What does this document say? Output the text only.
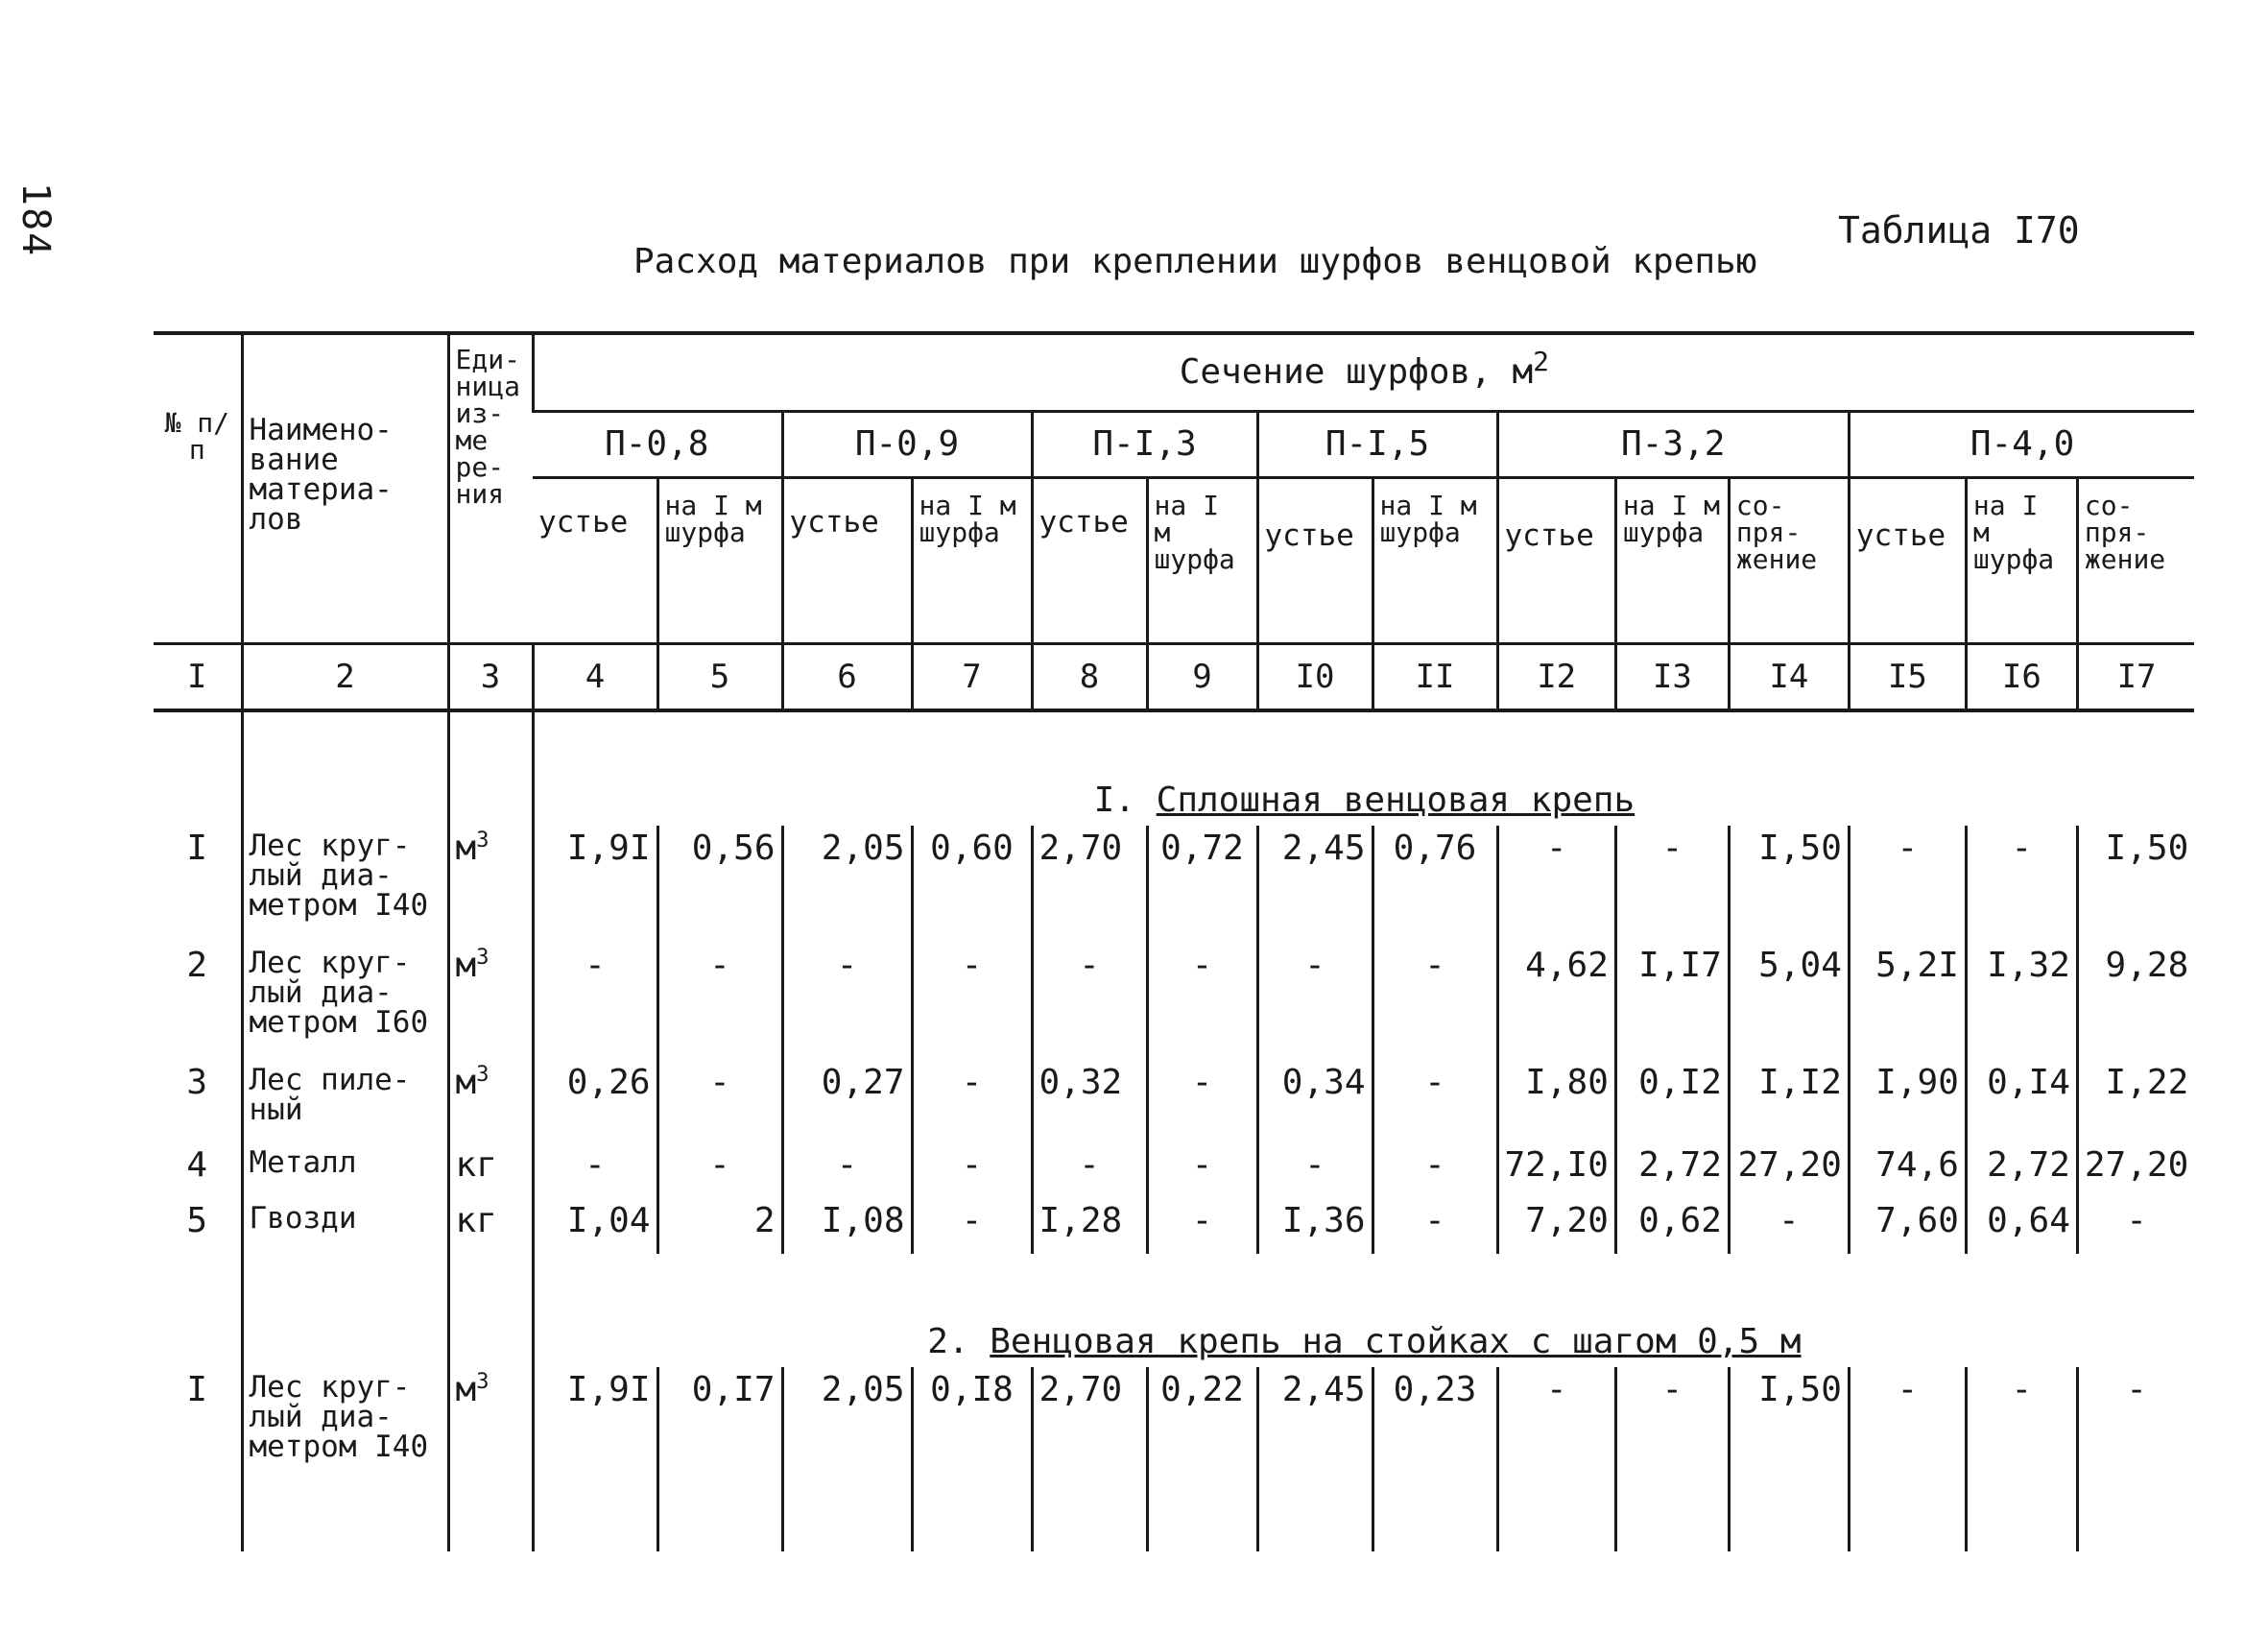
184	Таблица I70
Расход материалов при креплении шурфов венцовой крепью
№ п/п	Наимено- вание материа- лов	Еди- ница из- ме ре- ния	Сечение шурфов, $м^2$
			П-0,8		П-0,9		П-I,3		П-I,5		П-3,2			П-4,0		
			устье	на I м шурфа	устье	на I м шурфа	устье	на I м шурфа	устье	на I м шурфа	устье	на I м шурфа	со- пря- жение	устье	на I м шурфа	со- пря- жение
I	2	3	4	5	6	7	8	9	I0	II	I2	I3	I4	I5	I6	I7
			I. Сплошная венцовая крепь													
I	Лес круг- лый диа- метром I40	$м^3$	I,9I	0,56	2,05	0,60	2,70	0,72	2,45	0,76	-	-	I,50	-	-	I,50
2	Лес круг- лый диа- метром I60	$м^3$	-	-	-	-	-	-	-	-	4,62	I,I7	5,04	5,2I	I,32	9,28
3	Лес пиле- ный	$м^3$	0,26	-	0,27	-	0,32	-	0,34	-	I,80	0,I2	I,I2	I,90	0,I4	I,22
4	Металл	кг	-	-	-	-	-	-	-	-	72,I0	2,72	27,20	74,6	2,72	27,20
5	Гвозди	кг	I,04	2	I,08	-	I,28	-	I,36	-	7,20	0,62	-	7,60	0,64	-
			2. Венцовая крепь на стойках с шагом 0,5 м													
I	Лес круг- лый диа- метром I40	$м^3$	I,9I	0,I7	2,05	0,I8	2,70	0,22	2,45	0,23	-	-	I,50	-	-	-
